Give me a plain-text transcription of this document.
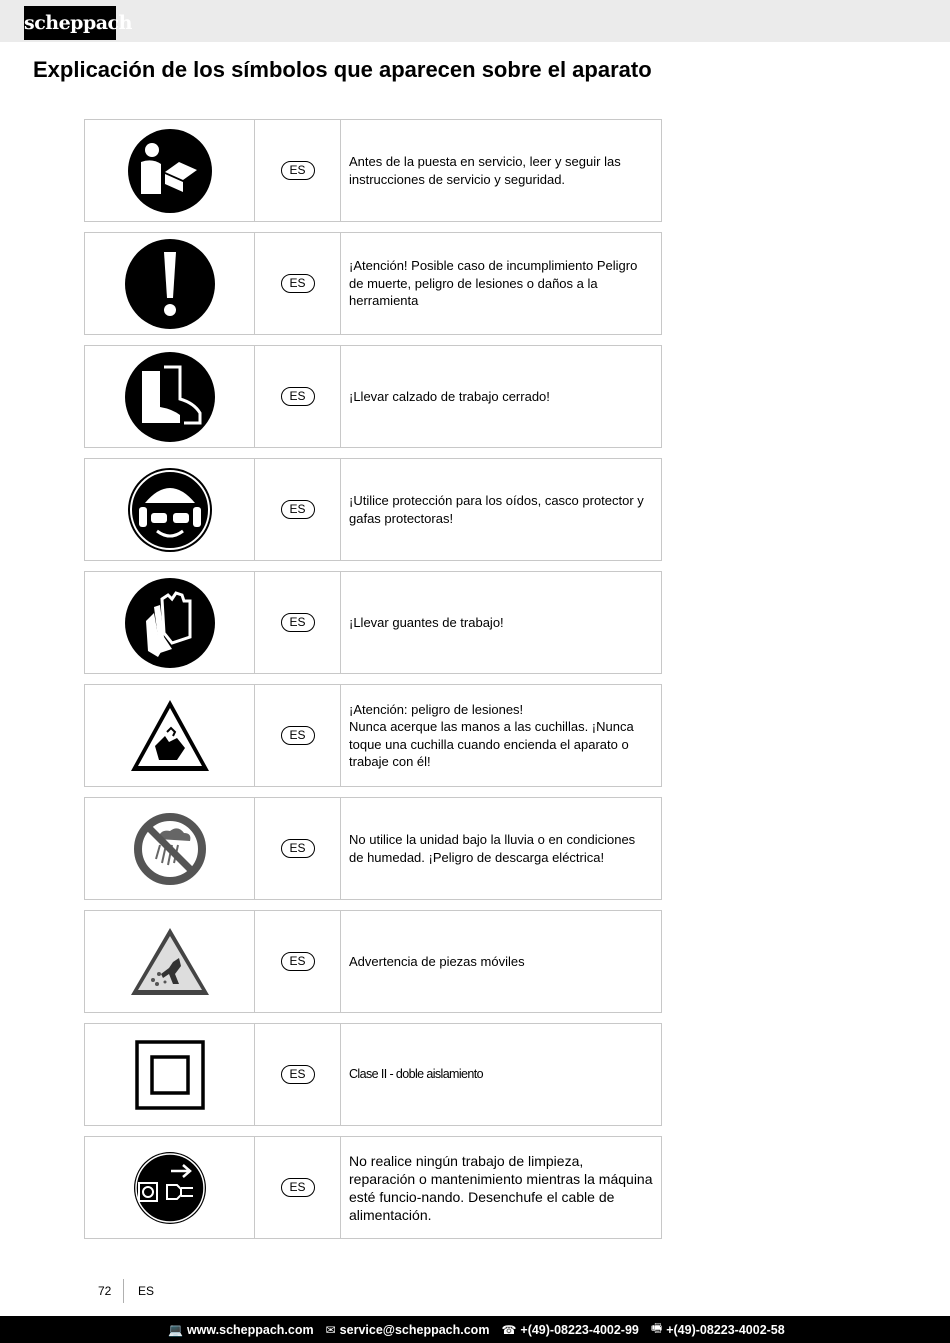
scheppach
Explicación de los símbolos que aparecen sobre el aparato
ES
Antes de la puesta en servicio, leer y seguir las instrucciones de servicio y seguridad.
ES
¡Atención! Posible caso de incumplimiento Peligro de muerte, peligro de lesiones o daños a la herramienta
ES	¡Llevar calzado de trabajo cerrado!
ES
¡Utilice protección para los oídos, casco protector y gafas protectoras!
ES	¡Llevar guantes de trabajo!
ES
¡Atención: peligro de lesiones!
Nunca acerque las manos a las cuchillas. ¡Nunca toque una cuchilla cuando encienda el aparato o trabaje con él!
ES
No utilice la unidad bajo la lluvia o en condiciones de humedad. ¡Peligro de descarga eléctrica!
ES	Advertencia de piezas móviles
ES	Clase II - doble aislamiento
ES
No realice ningún trabajo de limpieza, reparación o mantenimiento mientras la máquina esté funcio-nando. Desenchufe el cable de alimentación.
72 ES
💻 www.scheppach.com ✉ service@scheppach.com ☎ +(49)-08223-4002-99 🖷 +(49)-08223-4002-58
